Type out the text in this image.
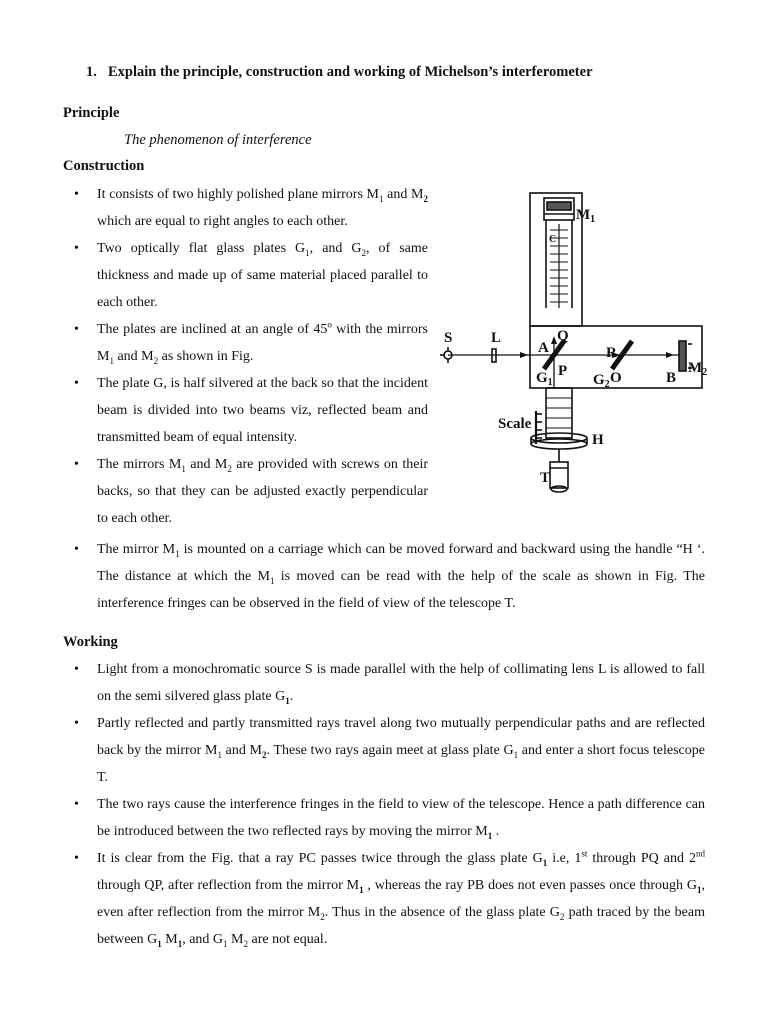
1. Explain the principle, construction and working of Michelson’s interferometer
Principle
The phenomenon of interference
Construction
• It consists of two highly polished plane mirrors $M_1$ and $M_2$ which are equal to right angles to each other.
• Two optically flat glass plates $G_1$, and $G_2$, of same thickness and made up of same material placed parallel to each other.
• The plates are inclined at an angle of 45$^o$ with the mirrors $M_1$ and $M_2$ as shown in Fig.
• The plate G, is half silvered at the back so that the incident beam is divided into two beams viz, reflected beam and transmitted beam of equal intensity.
• The mirrors $M_1$ and $M_2$ are provided with screws on their backs, so that they can be adjusted exactly perpendicular to each other.
• The mirror $M_1$ is mounted on a carriage which can be moved forward and backward using the handle “H ‘. The distance at which the $M_1$ is moved can be read with the help of the scale as shown in Fig. The interference fringes can be observed in the field of view of the telescope T.
Working
• Light from a monochromatic source S is made parallel with the help of collimating lens L is allowed to fall on the semi silvered glass plate $G_1$.
• Partly reflected and partly transmitted rays travel along two mutually perpendicular paths and are reflected back by the mirror $M_1$ and $M_2$. These two rays again meet at glass plate $G_1$ and enter a short focus telescope T.
• The two rays cause the interference fringes in the field to view of the telescope. Hence a path difference can be introduced between the two reflected rays by moving the mirror $M_1$ .
• It is clear from the Fig. that a ray PC passes twice through the glass plate $G_1$ i.e, 1st through PQ and 2nd through QP, after reflection from the mirror $M_1$ , whereas the ray PB does not even passes once through $G_1$, even after reflection from the mirror $M_2$. Thus in the absence of the glass plate $G_2$ path traced by the beam between $G_1$ $M_1$, and $G_1$ $M_2$ are not equal.
$M_1$
C
S	L
A
Q
P
R
$G_1$	$G_2$ O	B
$M_2$
Scale
H
T
